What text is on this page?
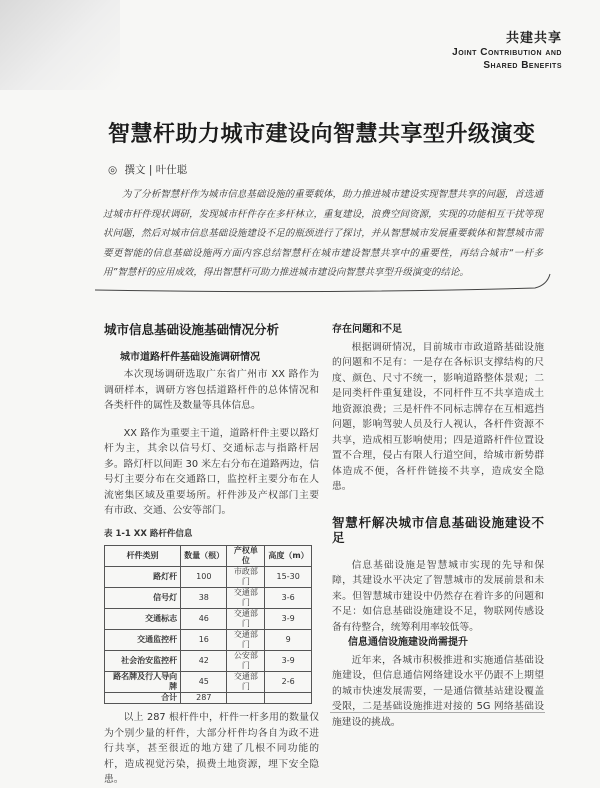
共建共享
Joint Contribution and
Shared Benefits
智慧杆助力城市建设向智慧共享型升级演变
◎ 撰文 | 叶仕聪
为了分析智慧杆作为城市信息基础设施的重要载体，助力推进城市建设实现智慧共享的问题，首选通过城市杆件现状调研，发现城市杆件存在多杆林立，重复建设，浪费空间资源，实现的功能相互干扰等现状问题，然后对城市信息基础设施建设不足的瓶颈进行了探讨，并从智慧城市发展重要载体和智慧城市需要更智能的信息基础设施两方面内容总结智慧杆在城市建设智慧共享中的重要性，再结合城市“一杆多用”智慧杆的应用成效，得出智慧杆可助力推进城市建设向智慧共享型升级演变的结论。
城市信息基础设施基础情况分析
城市道路杆件基础设施调研情况

本次现场调研选取广东省广州市 XX 路作为调研样本，调研方容包括道路杆件的总体情况和各类杆件的属性及数量等具体信息。

XX 路作为重要主干道，道路杆件主要以路灯杆为主，其余以信号灯、交通标志与指路杆居多。路灯杆以间距 30 米左右分布在道路两边，信号灯主要分布在交通路口，监控杆主要分布在人流密集区域及重要场所。杆件涉及产权部门主要有市政、交通、公安等部门。

表 1-1 XX 路杆件信息
杆件类别	数量（根）	产权单位	高度（m）
路灯杆	100	市政部门	15-30
信号灯	38	交通部门	3-6
交通标志	46	交通部门	3-9
交通监控杆	16	交通部门	9
社会治安监控杆	42	公安部门	3-9
路名牌及行人导向牌	45	交通部门	2-6
合计	287		

以上 287 根杆件中，杆件一杆多用的数量仅为个别少量的杆件，大部分杆件均各自为政不进行共享，甚至很近的地方建了几根不同功能的杆，造成视觉污染，损费土地资源，埋下安全隐患。

存在问题和不足

根据调研情况，目前城市市政道路基础设施的问题和不足有：一是存在各标识支撑结构的尺度、颜色、尺寸不统一，影响道路整体景观；二是同类杆件重复建设，不同杆件互不共享造成土地资源浪费；三是杆件不同标志牌存在互相遮挡问题，影响驾驶人员及行人视认，各杆件资源不共享，造成相互影响使用；四是道路杆件位置设置不合理，侵占有限人行道空间，给城市新势群体造成不便，各杆件链接不共享，造成安全隐患。

智慧杆解决城市信息基础设施建设不足

信息基础设施是智慧城市实现的先导和保障，其建设水平决定了智慧城市的发展前景和未来。但智慧城市建设中仍然存在着许多的问题和不足：如信息基础设施建设不足，物联网传感设备有待整合，统筹利用率较低等。

信息通信设施建设尚需提升

近年来，各城市积极推进和实施通信基础设施建设，但信息通信网络建设水平仍跟不上期望的城市快速发展需要，一是通信微基站建设覆盖受限，二是基础设施推进对接的 5G 网络基础设施建设的挑战。
